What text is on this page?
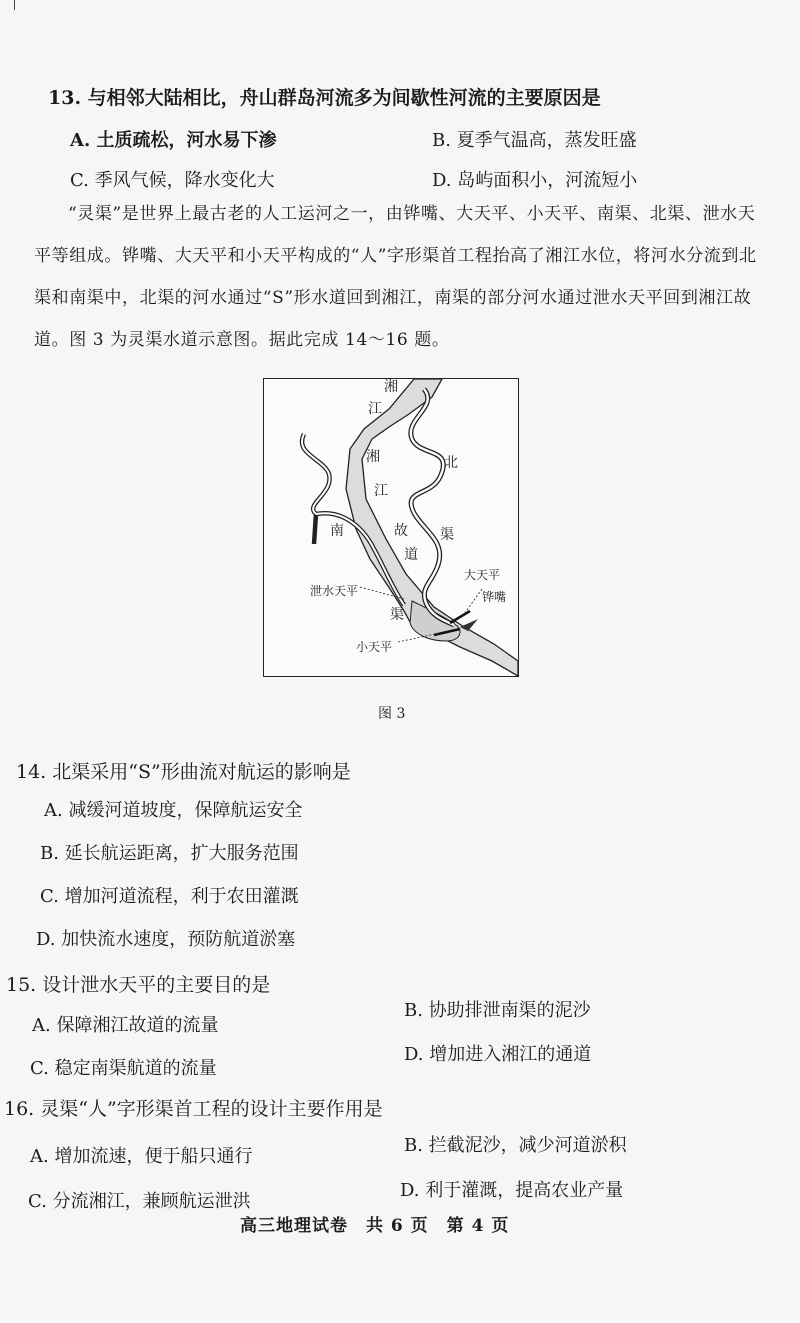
13. 与相邻大陆相比，舟山群岛河流多为间歇性河流的主要原因是
A. 土质疏松，河水易下渗	B. 夏季气温高，蒸发旺盛
C. 季风气候，降水变化大	D. 岛屿面积小，河流短小
“灵渠”是世界上最古老的人工运河之一，由铧嘴、大天平、小天平、南渠、北渠、泄水天平等组成。铧嘴、大天平和小天平构成的“人”字形渠首工程抬高了湘江水位，将河水分流到北渠和南渠中，北渠的河水通过“S”形水道回到湘江，南渠的部分河水通过泄水天平回到湘江故道。图 3 为灵渠水道示意图。据此完成 14～16 题。
湘
江
北
渠
湘
江
故
道
南
渠
泄水天平
大天平
铧嘴
小天平
图 3
14. 北渠采用“S”形曲流对航运的影响是
A. 减缓河道坡度，保障航运安全
B. 延长航运距离，扩大服务范围
C. 增加河道流程，利于农田灌溉
D. 加快流水速度，预防航道淤塞
15. 设计泄水天平的主要目的是
A. 保障湘江故道的流量
B. 协助排泄南渠的泥沙
C. 稳定南渠航道的流量
D. 增加进入湘江的通道
16. 灵渠“人”字形渠首工程的设计主要作用是
A. 增加流速，便于船只通行
B. 拦截泥沙，减少河道淤积
C. 分流湘江，兼顾航运泄洪
D. 利于灌溉，提高农业产量
高三地理试卷　共 6 页　第 4 页
